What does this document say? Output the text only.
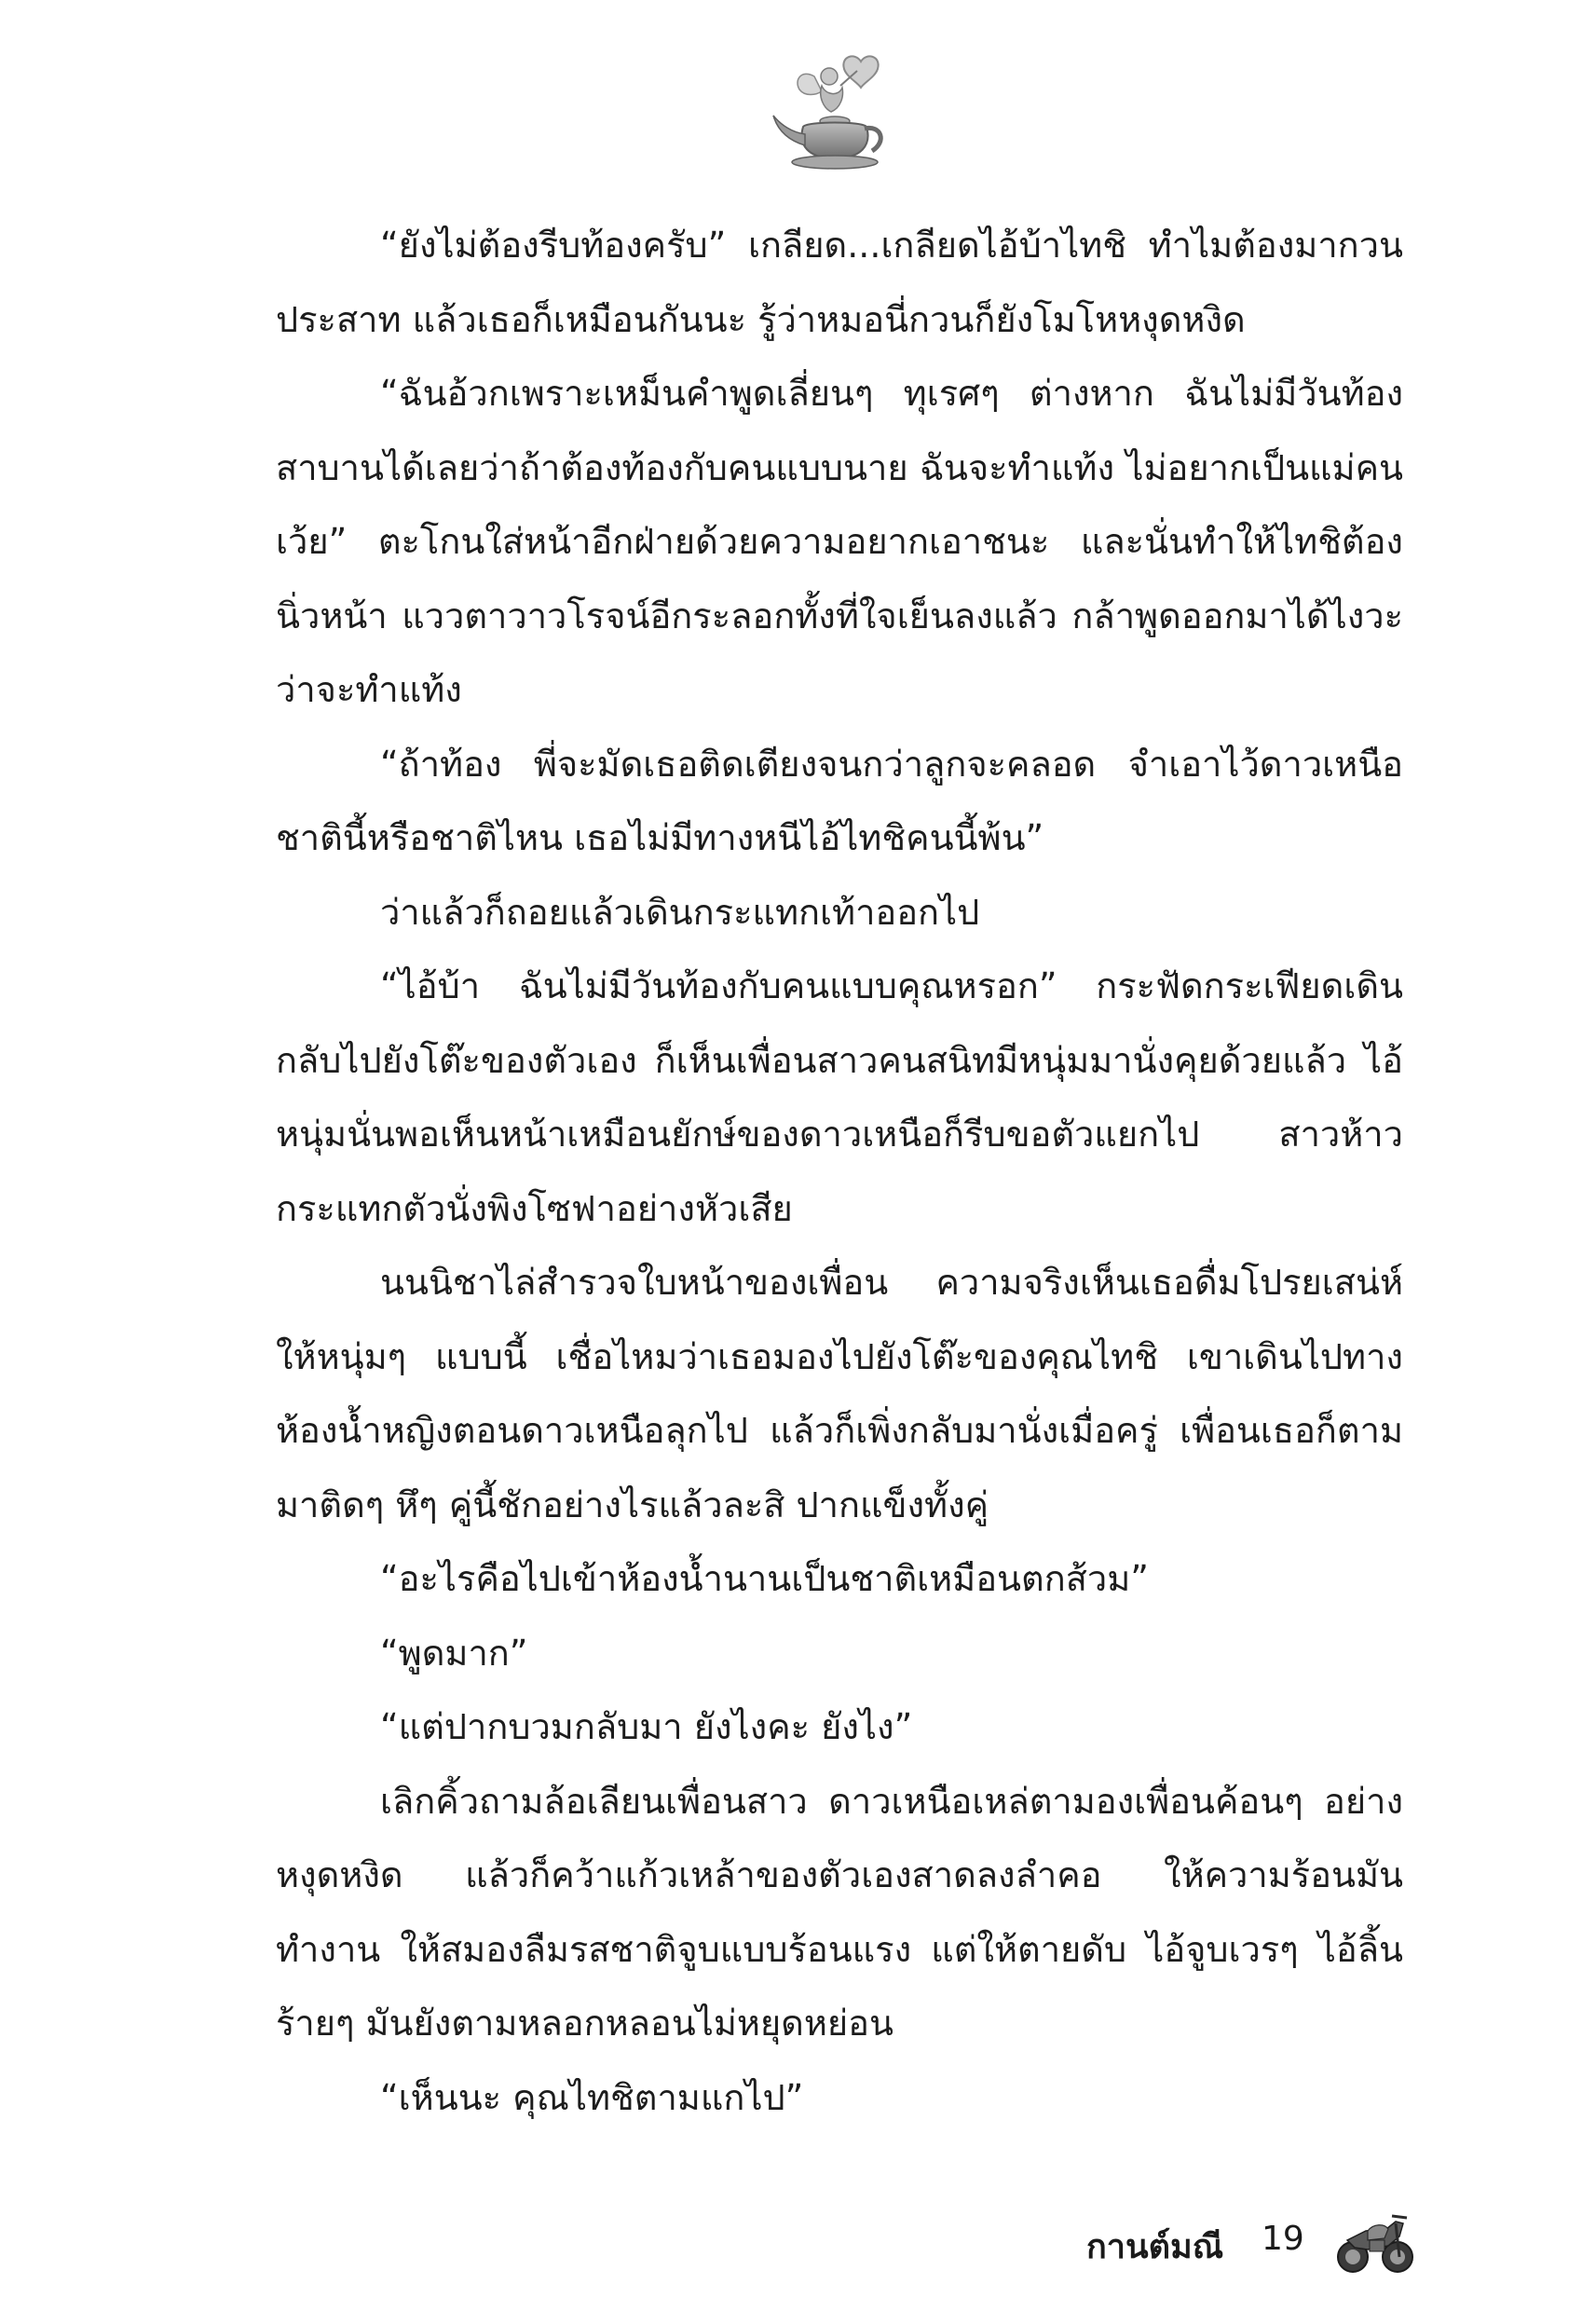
“ยังไม่ต้องรีบท้องครับ” เกลียด...เกลียดไอ้บ้าไทชิ ทำไมต้องมากวนประสาท แล้วเธอก็เหมือนกันนะ รู้ว่าหมอนี่กวนก็ยังโมโหหงุดหงิด

“ฉันอ้วกเพราะเหม็นคำพูดเลี่ยนๆ ทุเรศๆ ต่างหาก ฉันไม่มีวันท้อง สาบานได้เลยว่าถ้าต้องท้องกับคนแบบนาย ฉันจะทำแท้ง ไม่อยากเป็นแม่คนเว้ย” ตะโกนใส่หน้าอีกฝ่ายด้วยความอยากเอาชนะ และนั่นทำให้ไทชิต้องนิ่วหน้า แววตาวาวโรจน์อีกระลอกทั้งที่ใจเย็นลงแล้ว กล้าพูดออกมาได้ไงวะว่าจะทำแท้ง

“ถ้าท้อง พี่จะมัดเธอติดเตียงจนกว่าลูกจะคลอด จำเอาไว้ดาวเหนือ ชาตินี้หรือชาติไหน เธอไม่มีทางหนีไอ้ไทชิคนนี้พ้น”

ว่าแล้วก็ถอยแล้วเดินกระแทกเท้าออกไป

“ไอ้บ้า ฉันไม่มีวันท้องกับคนแบบคุณหรอก” กระฟัดกระเฟียดเดินกลับไปยังโต๊ะของตัวเอง ก็เห็นเพื่อนสาวคนสนิทมีหนุ่มมานั่งคุยด้วยแล้ว ไอ้หนุ่มนั่นพอเห็นหน้าเหมือนยักษ์ของดาวเหนือก็รีบขอตัวแยกไป สาวห้าวกระแทกตัวนั่งพิงโซฟาอย่างหัวเสีย

นนนิชาไล่สำรวจใบหน้าของเพื่อน ความจริงเห็นเธอดื่มโปรยเสน่ห์ให้หนุ่มๆ แบบนี้ เชื่อไหมว่าเธอมองไปยังโต๊ะของคุณไทชิ เขาเดินไปทางห้องน้ำหญิงตอนดาวเหนือลุกไป แล้วก็เพิ่งกลับมานั่งเมื่อครู่ เพื่อนเธอก็ตามมาติดๆ หึๆ คู่นี้ชักอย่างไรแล้วละสิ ปากแข็งทั้งคู่

“อะไรคือไปเข้าห้องน้ำนานเป็นชาติเหมือนตกส้วม”

“พูดมาก”

“แต่ปากบวมกลับมา ยังไงคะ ยังไง”

เลิกคิ้วถามล้อเลียนเพื่อนสาว ดาวเหนือเหล่ตามองเพื่อนค้อนๆ อย่างหงุดหงิด แล้วก็คว้าแก้วเหล้าของตัวเองสาดลงลำคอ ให้ความร้อนมันทำงาน ให้สมองลืมรสชาติจูบแบบร้อนแรง แต่ให้ตายดับ ไอ้จูบเวรๆ ไอ้ลิ้นร้ายๆ มันยังตามหลอกหลอนไม่หยุดหย่อน

“เห็นนะ คุณไทชิตามแกไป”

กานต์มณี 19
